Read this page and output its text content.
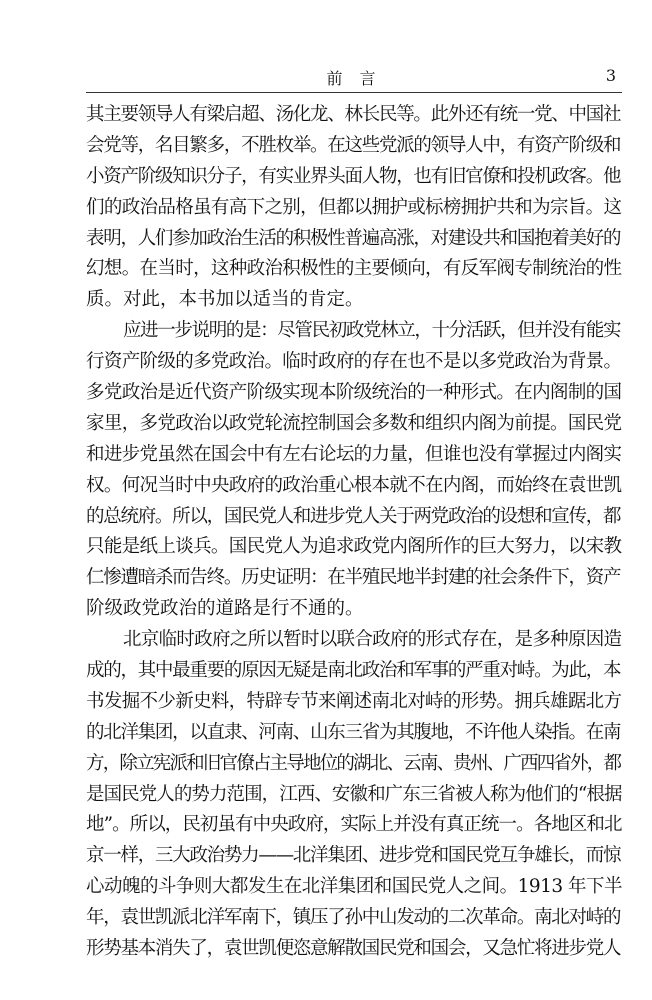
前 言	3
其主要领导人有梁启超、汤化龙、林长民等。此外还有统一党、中国社
会党等，名目繁多，不胜枚举。在这些党派的领导人中，有资产阶级和
小资产阶级知识分子，有实业界头面人物，也有旧官僚和投机政客。他
们的政治品格虽有高下之别，但都以拥护或标榜拥护共和为宗旨。这
表明，人们参加政治生活的积极性普遍高涨，对建设共和国抱着美好的
幻想。在当时，这种政治积极性的主要倾向，有反军阀专制统治的性
质。对此，本书加以适当的肯定。
应进一步说明的是：尽管民初政党林立，十分活跃，但并没有能实
行资产阶级的多党政治。临时政府的存在也不是以多党政治为背景。
多党政治是近代资产阶级实现本阶级统治的一种形式。在内阁制的国
家里，多党政治以政党轮流控制国会多数和组织内阁为前提。国民党
和进步党虽然在国会中有左右论坛的力量，但谁也没有掌握过内阁实
权。何况当时中央政府的政治重心根本就不在内阁，而始终在袁世凯
的总统府。所以，国民党人和进步党人关于两党政治的设想和宣传，都
只能是纸上谈兵。国民党人为追求政党内阁所作的巨大努力，以宋教
仁惨遭暗杀而告终。历史证明：在半殖民地半封建的社会条件下，资产
阶级政党政治的道路是行不通的。
北京临时政府之所以暂时以联合政府的形式存在，是多种原因造
成的，其中最重要的原因无疑是南北政治和军事的严重对峙。为此，本
书发掘不少新史料，特辟专节来阐述南北对峙的形势。拥兵雄踞北方
的北洋集团，以直隶、河南、山东三省为其腹地，不许他人染指。在南
方，除立宪派和旧官僚占主导地位的湖北、云南、贵州、广西四省外，都
是国民党人的势力范围，江西、安徽和广东三省被人称为他们的“根据
地”。所以，民初虽有中央政府，实际上并没有真正统一。各地区和北
京一样，三大政治势力——北洋集团、进步党和国民党互争雄长，而惊
心动魄的斗争则大都发生在北洋集团和国民党人之间。1913 年下半
年，袁世凯派北洋军南下，镇压了孙中山发动的二次革命。南北对峙的
形势基本消失了，袁世凯便恣意解散国民党和国会，又急忙将进步党人
